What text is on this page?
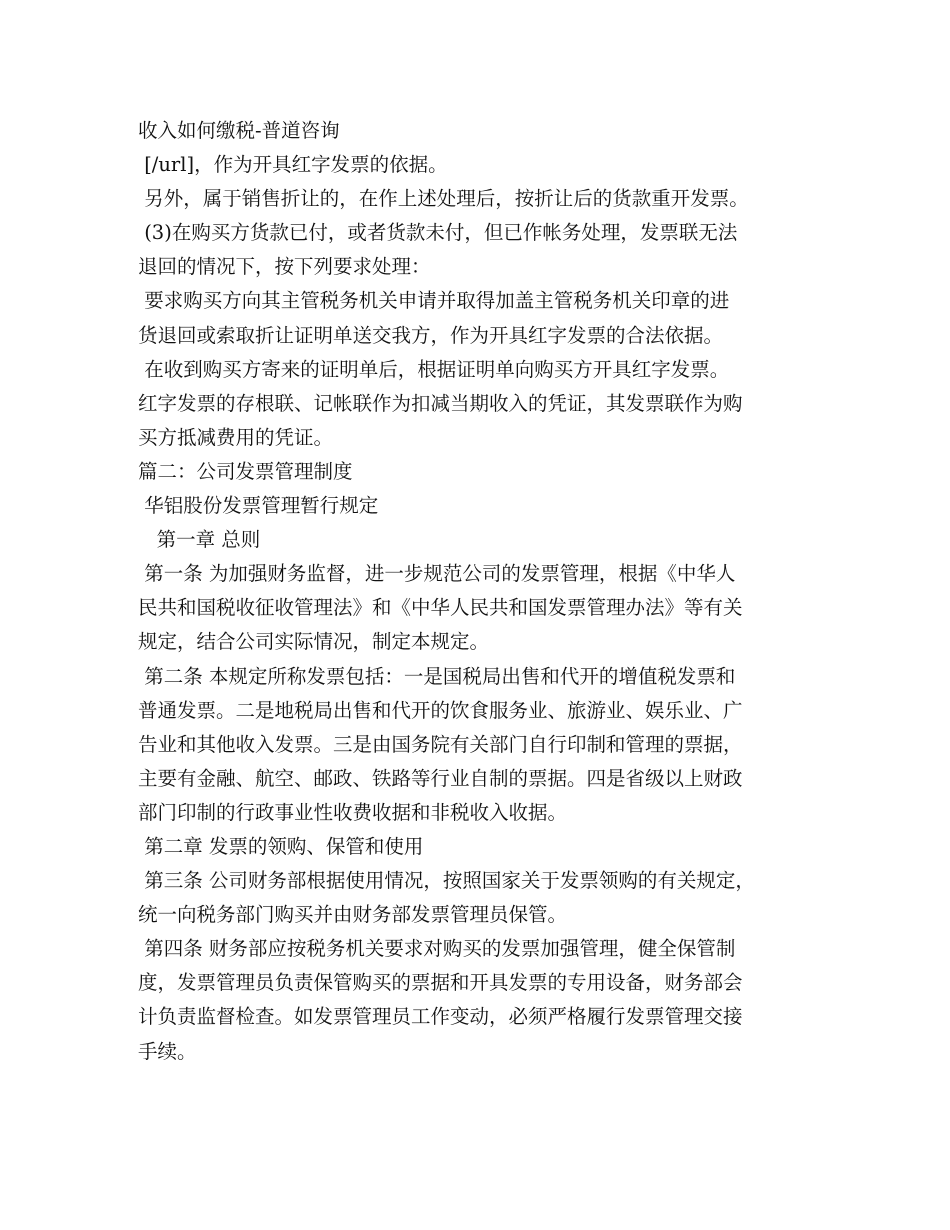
收入如何缴税-普道咨询
[/url]，作为开具红字发票的依据。
另外，属于销售折让的，在作上述处理后，按折让后的货款重开发票。
(3)在购买方货款已付，或者货款未付，但已作帐务处理，发票联无法
退回的情况下，按下列要求处理：
要求购买方向其主管税务机关申请并取得加盖主管税务机关印章的进
货退回或索取折让证明单送交我方，作为开具红字发票的合法依据。
在收到购买方寄来的证明单后，根据证明单向购买方开具红字发票。
红字发票的存根联、记帐联作为扣减当期收入的凭证，其发票联作为购
买方抵减费用的凭证。
篇二：公司发票管理制度
华铝股份发票管理暂行规定
第一章 总则
第一条 为加强财务监督，进一步规范公司的发票管理，根据《中华人
民共和国税收征收管理法》和《中华人民共和国发票管理办法》等有关
规定，结合公司实际情况，制定本规定。
第二条 本规定所称发票包括：一是国税局出售和代开的增值税发票和
普通发票。二是地税局出售和代开的饮食服务业、旅游业、娱乐业、广
告业和其他收入发票。三是由国务院有关部门自行印制和管理的票据，
主要有金融、航空、邮政、铁路等行业自制的票据。四是省级以上财政
部门印制的行政事业性收费收据和非税收入收据。
第二章 发票的领购、保管和使用
第三条 公司财务部根据使用情况，按照国家关于发票领购的有关规定，
统一向税务部门购买并由财务部发票管理员保管。
第四条 财务部应按税务机关要求对购买的发票加强管理，健全保管制
度，发票管理员负责保管购买的票据和开具发票的专用设备，财务部会
计负责监督检查。如发票管理员工作变动，必须严格履行发票管理交接
手续。
